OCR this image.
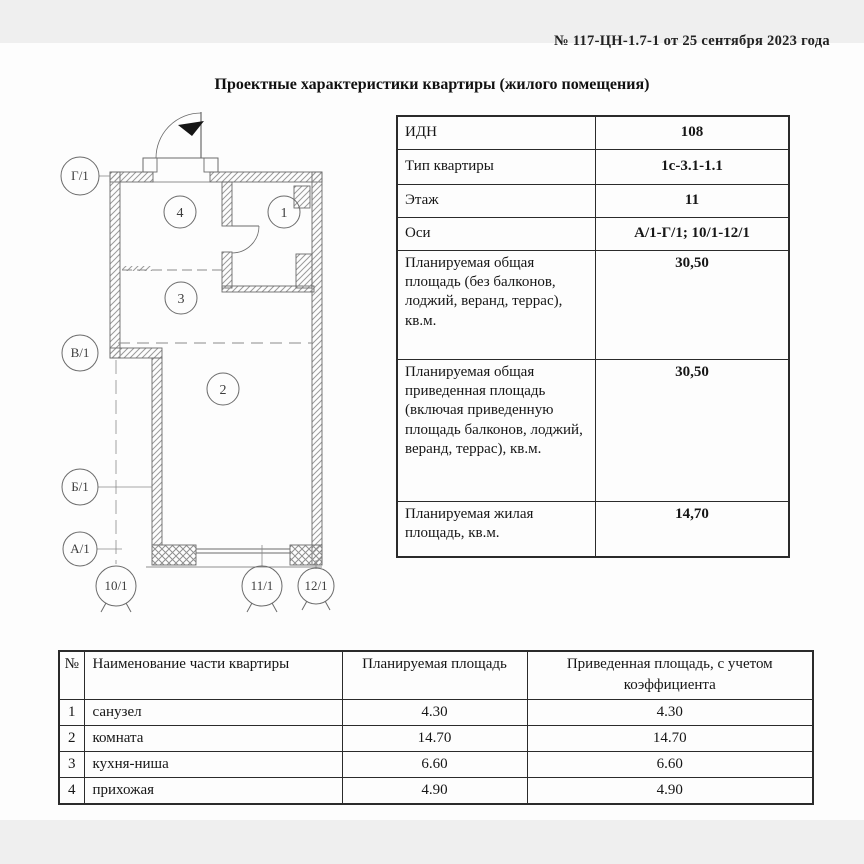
№ 117-ЦН-1.7-1 от 25 сентября 2023 года
Проектные характеристики квартиры (жилого помещения)
Г/1
В/1
Б/1
А/1
10/1	11/1 12/1
4	1
3
2
ИДН	108
Тип квартиры	1с-3.1-1.1
Этаж	11
Оси	А/1-Г/1; 10/1-12/1
Планируемая общая площадь (без балконов, лоджий, веранд, террас), кв.м.	30,50
Планируемая общая приведенная площадь (включая приведенную площадь балконов, лоджий, веранд, террас), кв.м.	30,50
Планируемая жилая площадь, кв.м.	14,70
№	Наименование части квартиры	Планируемая площадь	Приведенная площадь, с учетом коэффициента
1	санузел	4.30	4.30
2	комната	14.70	14.70
3	кухня-ниша	6.60	6.60
4	прихожая	4.90	4.90
